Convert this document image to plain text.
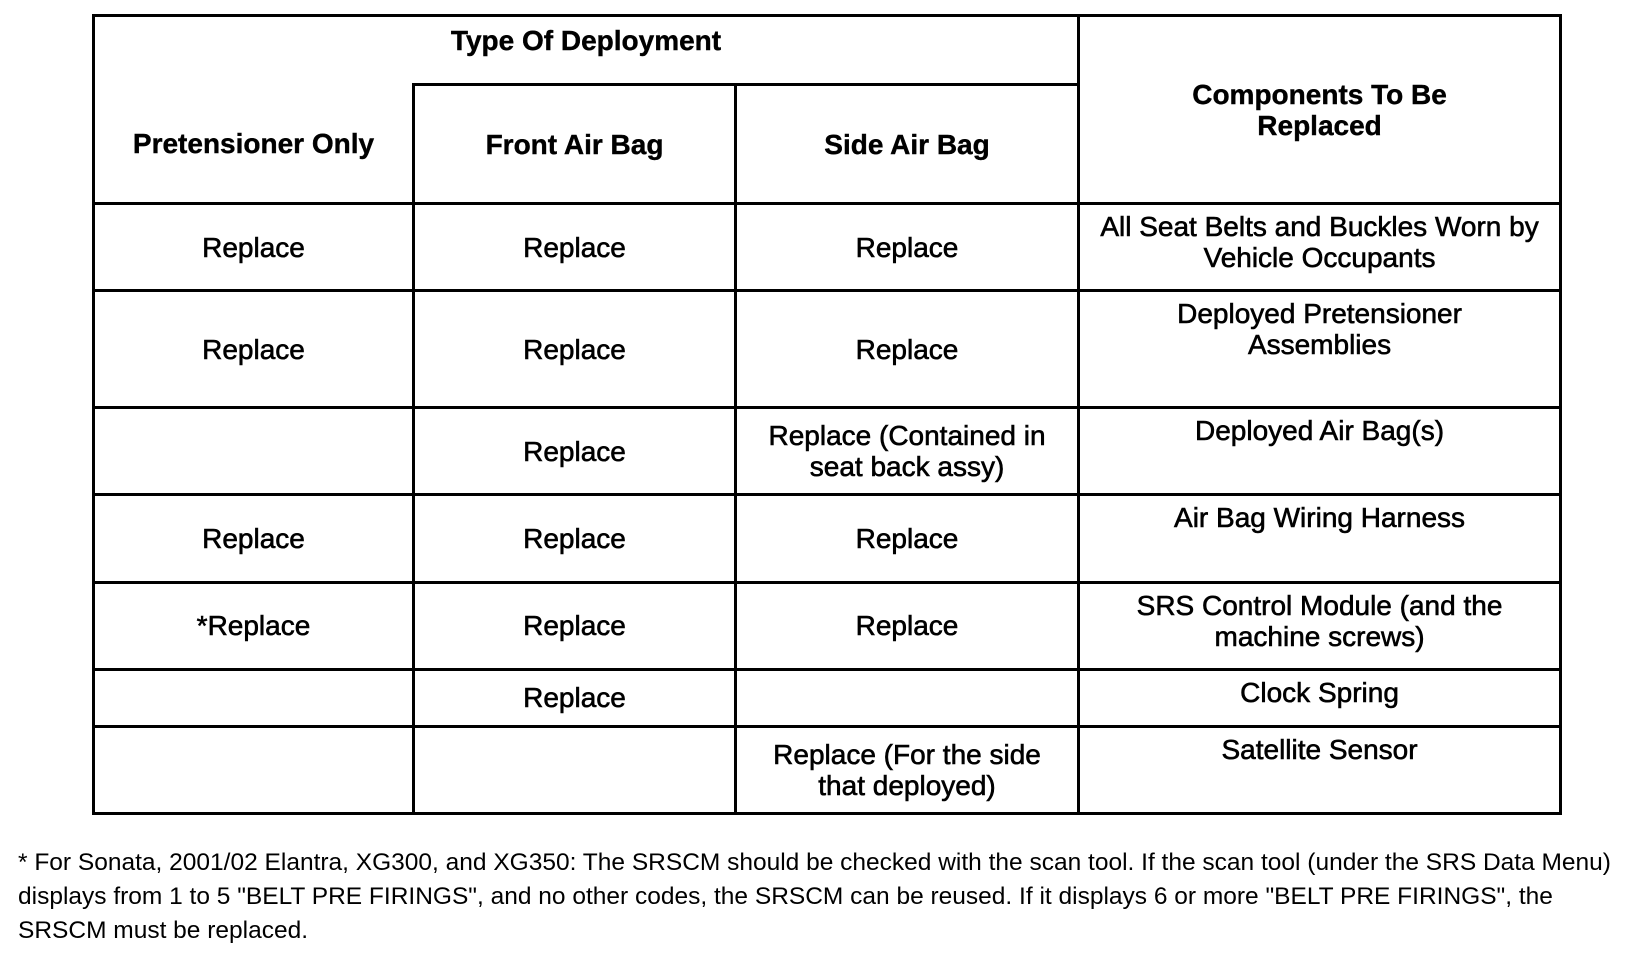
Type Of Deployment			Components To Be Replaced
Pretensioner Only	Front Air Bag	Side Air Bag	
Replace	Replace	Replace	All Seat Belts and Buckles Worn by Vehicle Occupants
Replace	Replace	Replace	Deployed Pretensioner Assemblies
	Replace	Replace (Contained in seat back assy)	Deployed Air Bag(s)
Replace	Replace	Replace	Air Bag Wiring Harness
*Replace	Replace	Replace	SRS Control Module (and the machine screws)
	Replace		Clock Spring
		Replace (For the side that deployed)	Satellite Sensor

* For Sonata, 2001/02 Elantra, XG300, and XG350: The SRSCM should be checked with the scan tool. If the scan tool (under the SRS Data Menu) displays from 1 to 5 "BELT PRE FIRINGS", and no other codes, the SRSCM can be reused. If it displays 6 or more "BELT PRE FIRINGS", the SRSCM must be replaced.
